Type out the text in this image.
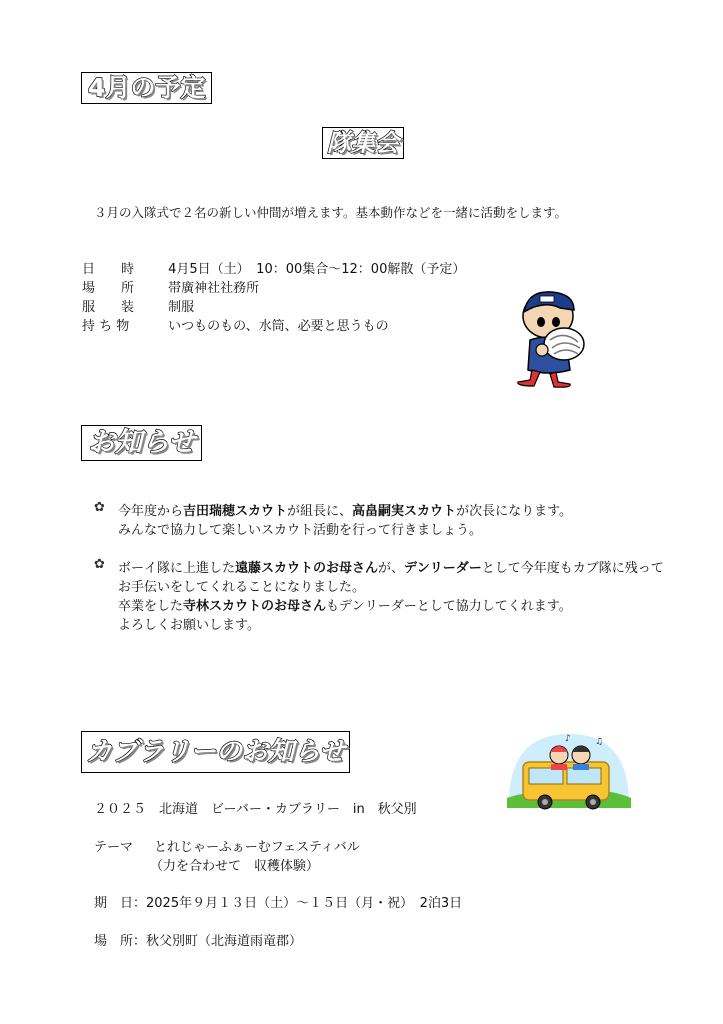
4月の予定
隊集会
３月の入隊式で２名の新しい仲間が増えます。基本動作などを一緒に活動をします。
日　　時	4月5日（土）　10：00集合～12：00解散（予定）
場　　所	帯廣神社社務所
服　　装	制服
持 ち 物	いつものもの、水筒、必要と思うもの
お知らせ
✿ 今年度から吉田瑞穂スカウトが組長に、高畠嗣実スカウトが次長になります。
みんなで協力して楽しいスカウト活動を行って行きましょう。
✿ ボーイ隊に上進した遠藤スカウトのお母さんが、デンリーダーとして今年度もカブ隊に残って
お手伝いをしてくれることになりました。
卒業をした寺林スカウトのお母さんもデンリーダーとして協力してくれます。
よろしくお願いします。
カブラリーのお知らせ	♪	♫
２０２５　北海道　ビーバー・カブラリー　in　秋父別
テーマ とれじゃーふぁーむフェスティバル
（力を合わせて　収穫体験）
期　日：2025年９月１３日（土）～１５日（月・祝）　2泊3日
場　所：秋父別町（北海道雨竜郡）
